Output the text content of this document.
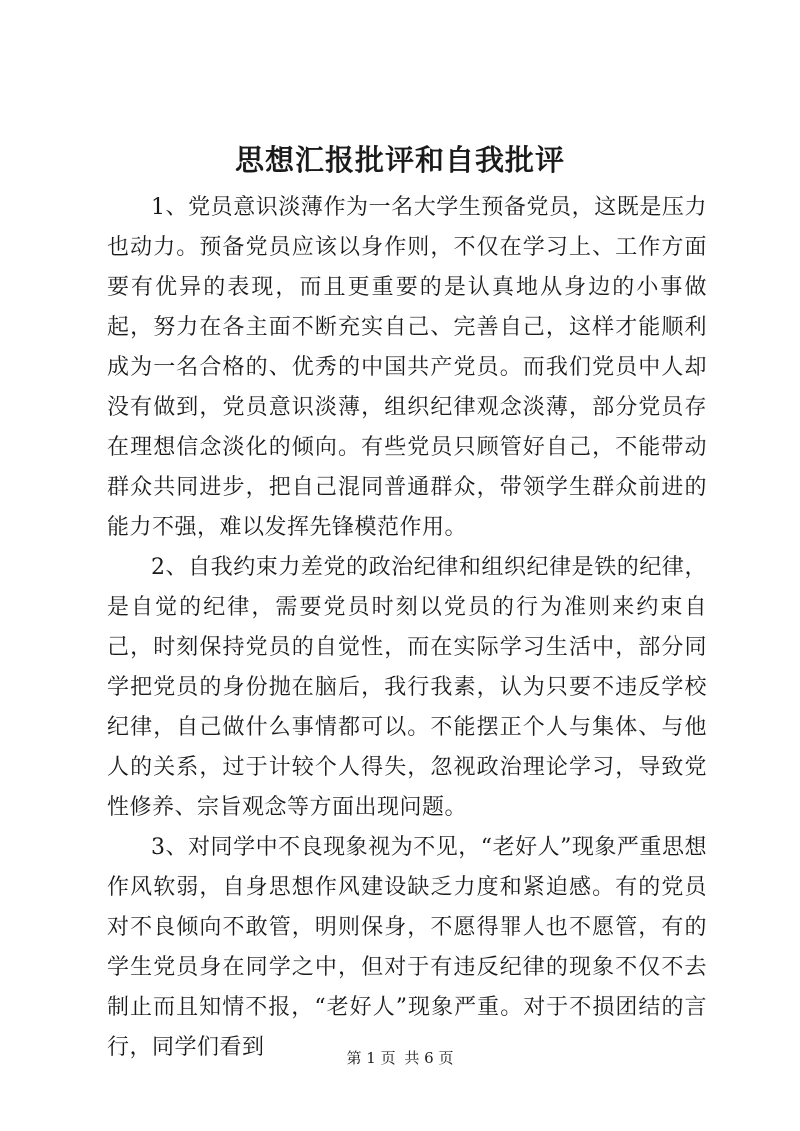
思想汇报批评和自我批评

1、党员意识淡薄作为一名大学生预备党员，这既是压力也动力。预备党员应该以身作则，不仅在学习上、工作方面要有优异的表现，而且更重要的是认真地从身边的小事做起，努力在各主面不断充实自己、完善自己，这样才能顺利成为一名合格的、优秀的中国共产党员。而我们党员中人却没有做到，党员意识淡薄，组织纪律观念淡薄，部分党员存在理想信念淡化的倾向。有些党员只顾管好自己，不能带动群众共同进步，把自己混同普通群众，带领学生群众前进的能力不强，难以发挥先锋模范作用。

2、自我约束力差党的政治纪律和组织纪律是铁的纪律，是自觉的纪律，需要党员时刻以党员的行为准则来约束自己，时刻保持党员的自觉性，而在实际学习生活中，部分同学把党员的身份抛在脑后，我行我素，认为只要不违反学校纪律，自己做什么事情都可以。不能摆正个人与集体、与他人的关系，过于计较个人得失，忽视政治理论学习，导致党性修养、宗旨观念等方面出现问题。

3、对同学中不良现象视为不见，“老好人”现象严重思想作风软弱，自身思想作风建设缺乏力度和紧迫感。有的党员对不良倾向不敢管，明则保身，不愿得罪人也不愿管，有的学生党员身在同学之中，但对于有违反纪律的现象不仅不去制止而且知情不报，“老好人”现象严重。对于不损团结的言行，同学们看到	第 1 页 共 6 页
